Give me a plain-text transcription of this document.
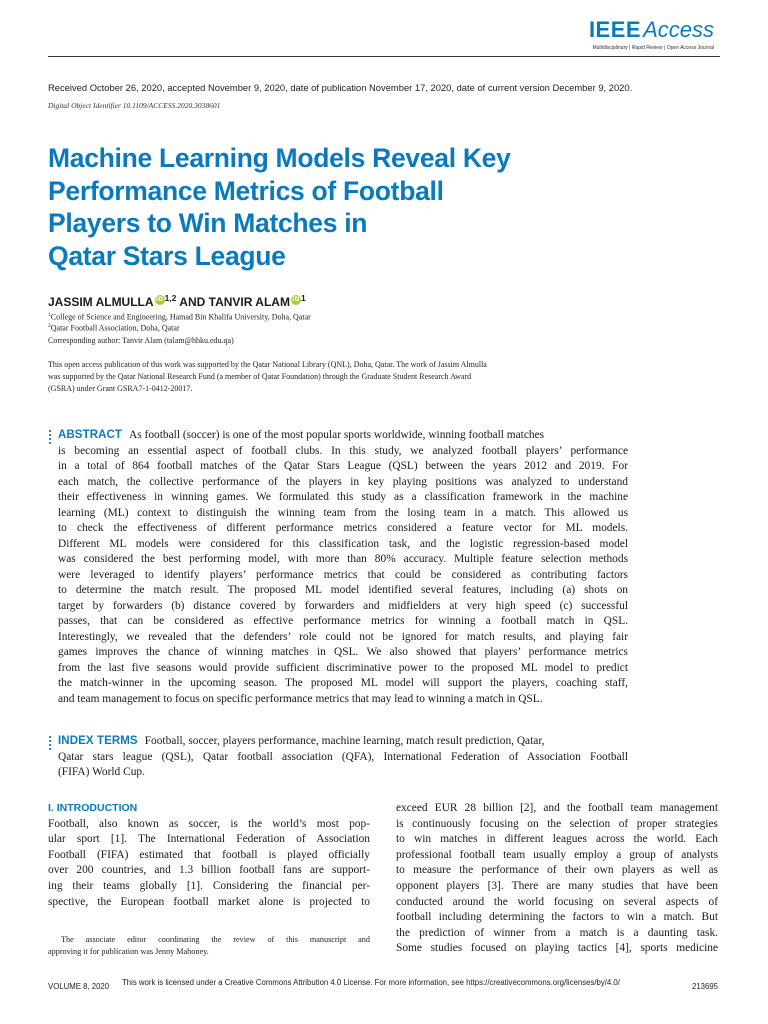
IEEEAccess
Multidisciplinary | Rapid Review | Open Access Journal
Received October 26, 2020, accepted November 9, 2020, date of publication November 17, 2020, date of current version December 9, 2020.
Digital Object Identifier 10.1109/ACCESS.2020.3038601
Machine Learning Models Reveal Key
Performance Metrics of Football
Players to Win Matches in
Qatar Stars League
JASSIM ALMULLA iD$^{1,2}$ AND TANVIR ALAM $iD^1$
$^1$College of Science and Engineering, Hamad Bin Khalifa University, Doha, Qatar
$^2$Qatar Football Association, Doha, Qatar
Corresponding author: Tanvir Alam (talam@hbku.edu.qa)

This open access publication of this work was supported by the Qatar National Library (QNL), Doha, Qatar. The work of Jassim Almulla
was supported by the Qatar National Research Fund (a member of Qatar Foundation) through the Graduate Student Research Award
(GSRA) under Grant GSRA7-1-0412-20017.

ABSTRACT As football (soccer) is one of the most popular sports worldwide, winning football matches
is becoming an essential aspect of football clubs. In this study, we analyzed football players’ performance
in a total of 864 football matches of the Qatar Stars League (QSL) between the years 2012 and 2019. For
each match, the collective performance of the players in key playing positions was analyzed to understand
their effectiveness in winning games. We formulated this study as a classification framework in the machine
learning (ML) context to distinguish the winning team from the losing team in a match. This allowed us
to check the effectiveness of different performance metrics considered a feature vector for ML models.
Different ML models were considered for this classification task, and the logistic regression-based model
was considered the best performing model, with more than 80% accuracy. Multiple feature selection methods
were leveraged to identify players’ performance metrics that could be considered as contributing factors
to determine the match result. The proposed ML model identified several features, including (a) shots on
target by forwarders (b) distance covered by forwarders and midfielders at very high speed (c) successful
passes, that can be considered as effective performance metrics for winning a football match in QSL.
Interestingly, we revealed that the defenders’ role could not be ignored for match results, and playing fair
games improves the chance of winning matches in QSL. We also showed that players’ performance metrics
from the last five seasons would provide sufficient discriminative power to the proposed ML model to predict
the match-winner in the upcoming season. The proposed ML model will support the players, coaching staff,
and team management to focus on specific performance metrics that may lead to winning a match in QSL.

INDEX TERMS Football, soccer, players performance, machine learning, match result prediction, Qatar,
Qatar stars league (QSL), Qatar football association (QFA), International Federation of Association Football
(FIFA) World Cup.

I. INTRODUCTION
Football, also known as soccer, is the world’s most pop-
ular sport [1]. The International Federation of Association
Football (FIFA) estimated that football is played officially
over 200 countries, and 1.3 billion football fans are support-
ing their teams globally [1]. Considering the financial per-
spective, the European football market alone is projected to
exceed EUR 28 billion [2], and the football team management
is continuously focusing on the selection of proper strategies
to win matches in different leagues across the world. Each
professional football team usually employ a group of analysts
to measure the performance of their own players as well as
opponent players [3]. There are many studies that have been
conducted around the world focusing on several aspects of
football including determining the factors to win a match. But
the prediction of winner from a match is a daunting task.
Some studies focused on playing tactics [4], sports medicine

The associate editor coordinating the review of this manuscript and
approving it for publication was Jenny Mahoney.

VOLUME 8, 2020 This work is licensed under a Creative Commons Attribution 4.0 License. For more information, see https://creativecommons.org/licenses/by/4.0/	213695
